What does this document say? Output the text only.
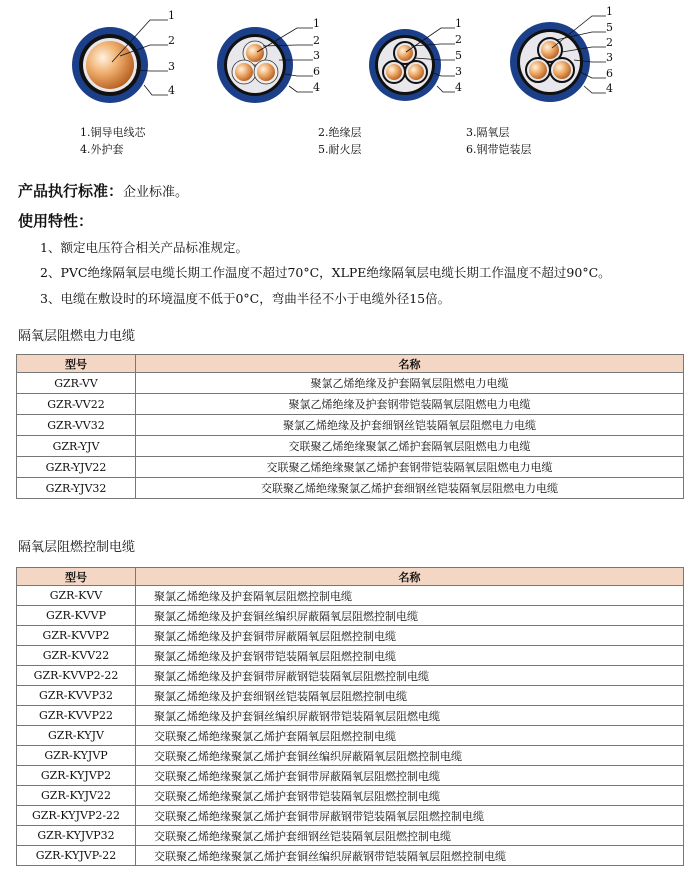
1
2
3
4
1
2
3
6
4
1
2
5
3
4
1
5
2
3
6
4
1.铜导电线芯	2.绝缘层	3.隔氧层
4.外护套	5.耐火层	6.钢带铠装层
产品执行标准：企业标准。
使用特性：
1、额定电压符合相关产品标准规定。
2、PVC绝缘隔氧层电缆长期工作温度不超过70°C，XLPE绝缘隔氧层电缆长期工作温度不超过90°C。
3、电缆在敷设时的环境温度不低于0°C，弯曲半径不小于电缆外径15倍。
隔氧层阻燃电力电缆
型号	名称
GZR-VV	聚氯乙烯绝缘及护套隔氧层阻燃电力电缆
GZR-VV22	聚氯乙烯绝缘及护套钢带铠装隔氧层阻燃电力电缆
GZR-VV32	聚氯乙烯绝缘及护套细钢丝铠装隔氧层阻燃电力电缆
GZR-YJV	交联聚乙烯绝缘聚氯乙烯护套隔氧层阻燃电力电缆
GZR-YJV22	交联聚乙烯绝缘聚氯乙烯护套钢带铠装隔氧层阻燃电力电缆
GZR-YJV32	交联聚乙烯绝缘聚氯乙烯护套细钢丝铠装隔氧层阻燃电力电缆
隔氧层阻燃控制电缆
型号	名称
GZR-KVV	聚氯乙烯绝缘及护套隔氧层阻燃控制电缆
GZR-KVVP	聚氯乙烯绝缘及护套铜丝编织屏蔽隔氧层阻燃控制电缆
GZR-KVVP2	聚氯乙烯绝缘及护套铜带屏蔽隔氧层阻燃控制电缆
GZR-KVV22	聚氯乙烯绝缘及护套钢带铠装隔氧层阻燃控制电缆
GZR-KVVP2-22	聚氯乙烯绝缘及护套铜带屏蔽钢铠装隔氧层阻燃控制电缆
GZR-KVVP32	聚氯乙烯绝缘及护套细钢丝铠装隔氧层阻燃控制电缆
GZR-KVVP22	聚氯乙烯绝缘及护套铜丝编织屏蔽钢带铠装隔氧层阻燃电缆
GZR-KYJV	交联聚乙烯绝缘聚氯乙烯护套隔氧层阻燃控制电缆
GZR-KYJVP	交联聚乙烯绝缘聚氯乙烯护套铜丝编织屏蔽隔氧层阻燃控制电缆
GZR-KYJVP2	交联聚乙烯绝缘聚氯乙烯护套铜带屏蔽隔氧层阻燃控制电缆
GZR-KYJV22	交联聚乙烯绝缘聚氯乙烯护套钢带铠装隔氧层阻燃控制电缆
GZR-KYJVP2-22	交联聚乙烯绝缘聚氯乙烯护套铜带屏蔽钢带铠装隔氧层阻燃控制电缆
GZR-KYJVP32	交联聚乙烯绝缘聚氯乙烯护套细钢丝铠装隔氧层阻燃控制电缆
GZR-KYJVP-22	交联聚乙烯绝缘聚氯乙烯护套铜丝编织屏蔽钢带铠装隔氧层阻燃控制电缆
